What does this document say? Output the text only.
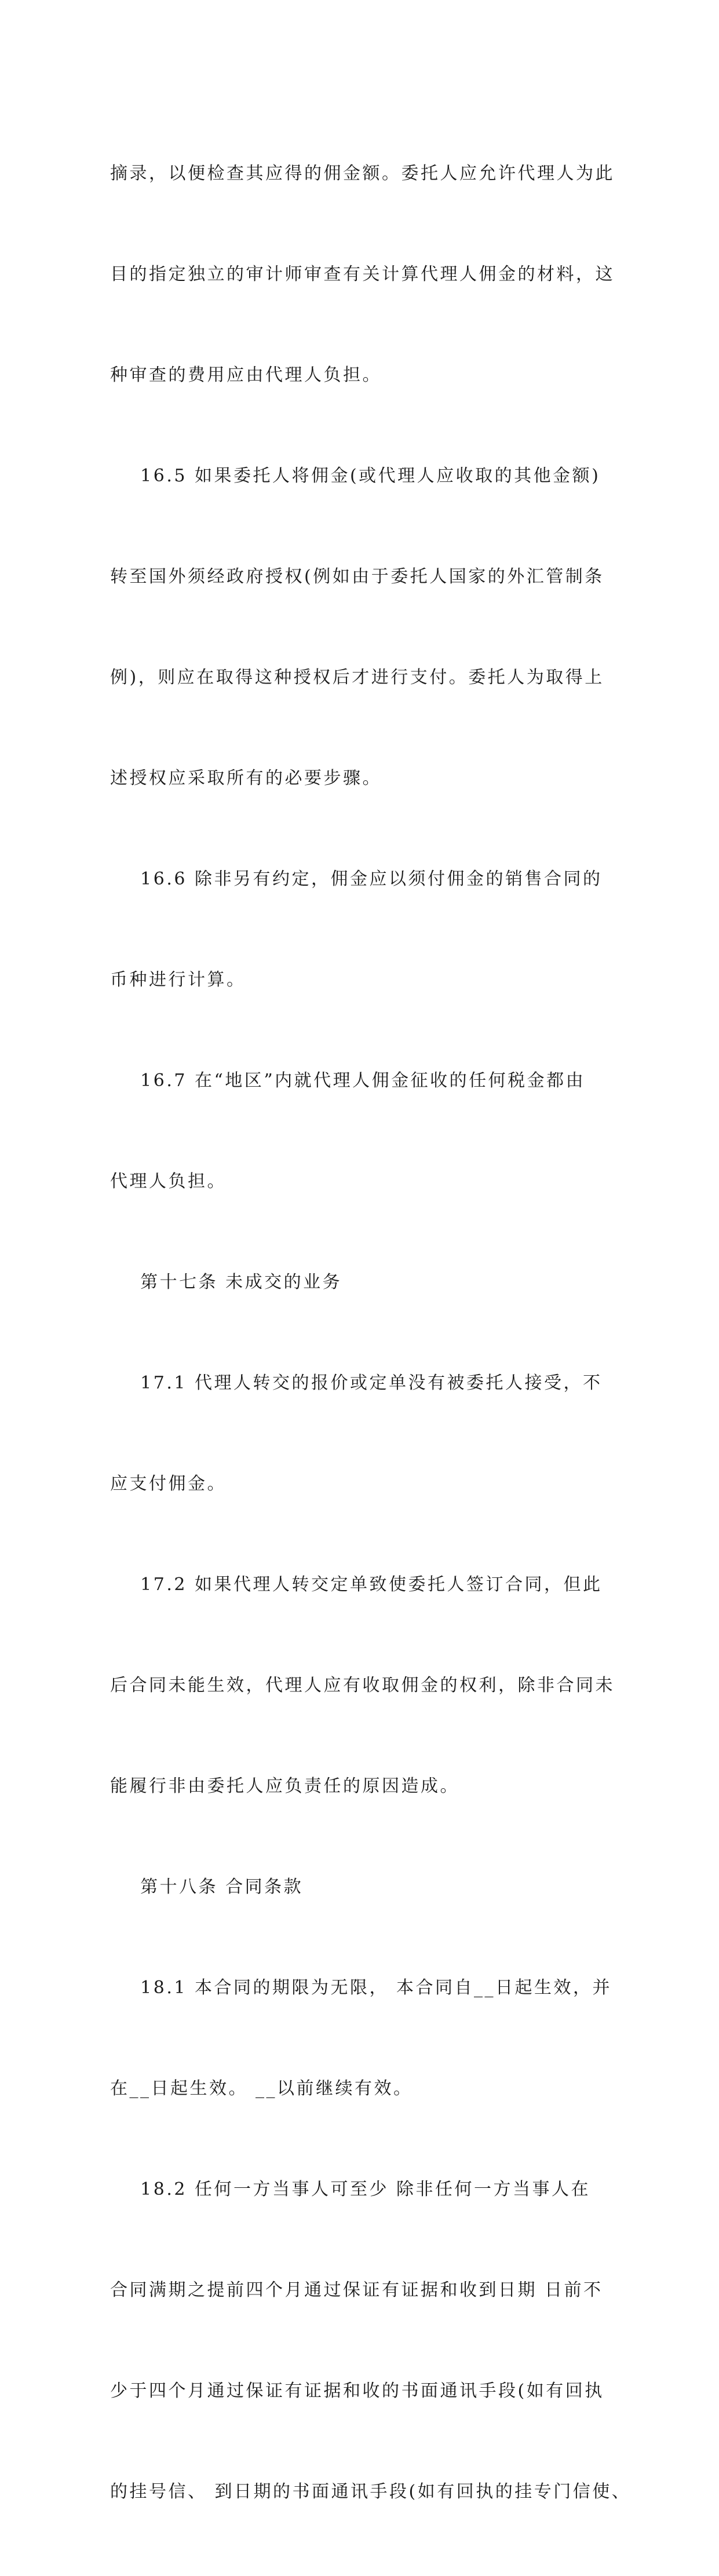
摘录，以便检查其应得的佣金额。委托人应允许代理人为此

目的指定独立的审计师审查有关计算代理人佣金的材料，这

种审查的费用应由代理人负担。

16.5 如果委托人将佣金(或代理人应收取的其他金额)

转至国外须经政府授权(例如由于委托人国家的外汇管制条

例)，则应在取得这种授权后才进行支付。委托人为取得上

述授权应采取所有的必要步骤。

16.6 除非另有约定，佣金应以须付佣金的销售合同的

币种进行计算。

16.7 在“地区”内就代理人佣金征收的任何税金都由

代理人负担。

第十七条 未成交的业务

17.1 代理人转交的报价或定单没有被委托人接受，不

应支付佣金。

17.2 如果代理人转交定单致使委托人签订合同，但此

后合同未能生效，代理人应有收取佣金的权利，除非合同未

能履行非由委托人应负责任的原因造成。

第十八条 合同条款

18.1 本合同的期限为无限， 本合同自__日起生效，并

在__日起生效。 __以前继续有效。

18.2 任何一方当事人可至少 除非任何一方当事人在

合同满期之提前四个月通过保证有证据和收到日期 日前不

少于四个月通过保证有证据和收的书面通讯手段(如有回执

的挂号信、 到日期的书面通讯手段(如有回执的挂专门信使、
